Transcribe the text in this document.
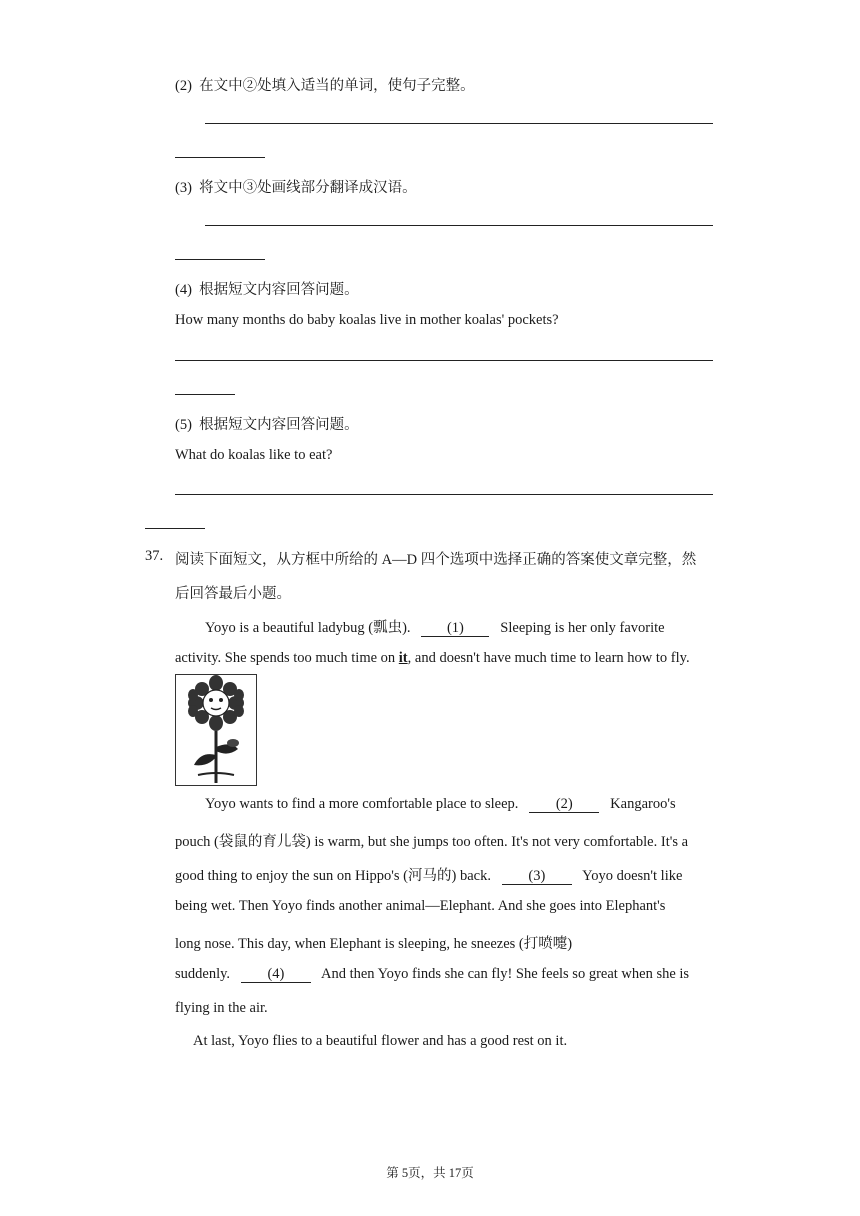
(2) 在文中②处填入适当的单词，使句子完整。
(3) 将文中③处画线部分翻译成汉语。
(4) 根据短文内容回答问题。
How many months do baby koalas live in mother koalas' pockets?
(5) 根据短文内容回答问题。
What do koalas like to eat?
37. 阅读下面短文，从方框中所给的 A—D 四个选项中选择正确的答案使文章完整，然
后回答最后小题。
Yoyo is a beautiful ladybug (瓢虫).	(1)	Sleeping is her only favorite
activity. She spends too much time on it, and doesn't have much time to learn how to fly.
Yoyo wants to find a more comfortable place to sleep.	(2)	Kangaroo's
pouch (袋鼠的育儿袋) is warm, but she jumps too often. It's not very comfortable. It's a
good thing to enjoy the sun on Hippo's (河马的) back.	(3)	Yoyo doesn't like
being wet. Then Yoyo finds another animal—Elephant. And she goes into Elephant's
long nose. This day, when Elephant is sleeping, he sneezes (打喷嚏)
suddenly.	(4)	And then Yoyo finds she can fly! She feels so great when she is
flying in the air.
At last, Yoyo flies to a beautiful flower and has a good rest on it.
第 5页，共 17页
